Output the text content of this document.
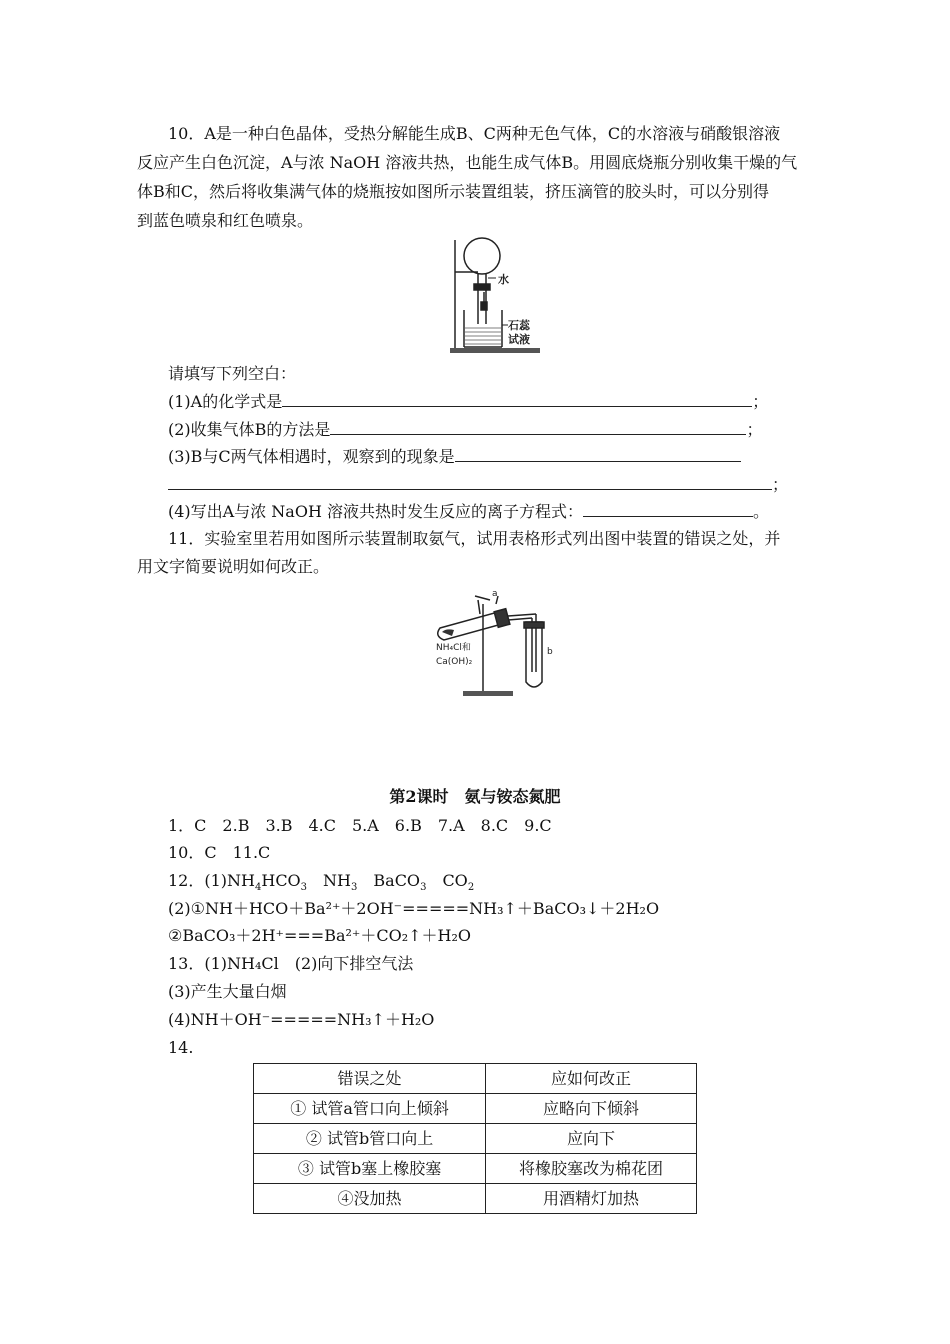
10．A是一种白色晶体，受热分解能生成B、C两种无色气体，C的水溶液与硝酸银溶液
反应产生白色沉淀，A与浓 NaOH 溶液共热，也能生成气体B。用圆底烧瓶分别收集干燥的气
体B和C，然后将收集满气体的烧瓶按如图所示装置组装，挤压滴管的胶头时，可以分别得
到蓝色喷泉和红色喷泉。
水
石蕊
试液
请填写下列空白：
(1)A的化学式是	；
(2)收集气体B的方法是	；
(3)B与C两气体相遇时，观察到的现象是
；
(4)写出A与浓 NaOH 溶液共热时发生反应的离子方程式：	。
11．实验室里若用如图所示装置制取氨气，试用表格形式列出图中装置的错误之处，并
用文字简要说明如何改正。
a
b
NH₄Cl和
Ca(OH)₂
第2课时　氨与铵态氮肥
1．C　2.B　3.B　4.C　5.A　6.B　7.A　8.C　9.C
10．C　11.C
12．$(1)NH_4HCO_3$　$NH_3$　BaCO$_3$　$CO_2$
(2)①NH＋HCO＋Ba²⁺＋2OH⁻=====NH₃↑＋BaCO₃↓＋2H₂O
②BaCO₃＋2H⁺===Ba²⁺＋CO₂↑＋H₂O
13．(1)NH₄Cl　(2)向下排空气法
(3)产生大量白烟
(4)NH＋OH⁻=====NH₃↑＋H₂O
14.
错误之处	应如何改正
① 试管a管口向上倾斜	应略向下倾斜
② 试管b管口向上	应向下
③ 试管b塞上橡胶塞	将橡胶塞改为棉花团
④没加热	用酒精灯加热
